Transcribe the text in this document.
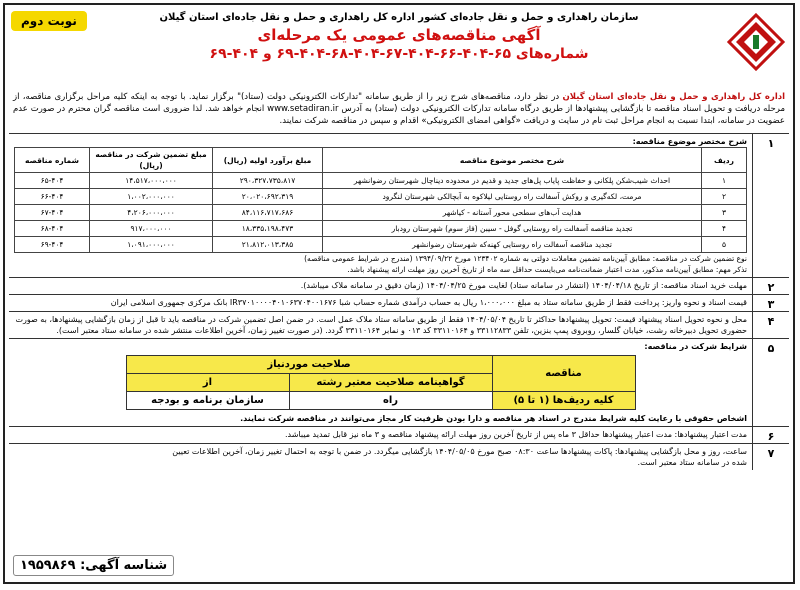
نوبت دوم	سازمان راهداری و حمل و نقل جاده‌ای کشور اداره کل راهداری و حمل و نقل جاده‌ای استان گیلان
آگهی مناقصه‌های عمومی یک مرحله‌ای
شماره‌های ۶۵-۴۰۴-۶۶-۴۰۴-۶۷-۴۰۴-۶۸-۴۰۴-۶۹ و ۴۰۴-۶۹
اداره کل راهداری و حمل و نقل جاده‌ای استان گیلان در نظر دارد، مناقصه‌های شرح زیر را از طریق سامانه "تدارکات الکترونیکی دولت (ستاد)" برگزار نماید. با توجه به اینکه کلیه مراحل برگزاری مناقصه، از مرحله دریافت و تحویل اسناد مناقصه تا بازگشایی پیشنهادها از طریق درگاه سامانه تدارکات الکترونیکی دولت (ستاد) به آدرس www.setadiran.ir انجام خواهد شد. لذا ضروری است مناقصه گران محترم در صورت عدم عضویت در سامانه، ابتدا نسبت به انجام مراحل ثبت نام در سایت و دریافت «گواهی امضای الکترونیکی» اقدام و سپس در مناقصه شرکت نمایند.
۱
شرح مختصر موضوع مناقصه:
ردیف	شرح مختصر موضوع مناقصه	مبلغ برآورد اولیه (ریال)	مبلغ تضمین شرکت در مناقصه (ریال)	شماره مناقصه
۱	احداث شیب‌شکن پلکانی و حفاظت پایاب پل‌های جدید و قدیم در محدوده دیناچال شهرستان رضوانشهر	۲۹۰،۳۲۷،۷۳۵،۸۱۷	۱۴،۵۱۷،۰۰۰،۰۰۰	۶۵-۴۰۴
۲	مرمت، لکه‌گیری و روکش آسفالت راه روستایی لیلاکوه به آبچالکی شهرستان لنگرود	۲۰،۰۲۰،۶۹۲،۳۱۹	۱،۰۰۲،۰۰۰،۰۰۰	۶۶-۴۰۴
۳	هدایت آب‌های سطحی محور آستانه - کیاشهر	۸۴،۱۱۶،۷۱۷،۶۸۶	۴،۲۰۶،۰۰۰،۰۰۰	۶۷-۴۰۴
۴	تجدید مناقصه آسفالت راه روستایی گوفل - سیبن (فاز سوم) شهرستان رودبار	۱۸،۳۳۵،۱۹۸،۴۷۳	۹۱۷،۰۰۰،۰۰۰	۶۸-۴۰۴
۵	تجدید مناقصه آسفالت راه روستایی کهنه‌که شهرستان رضوانشهر	۲۱،۸۱۲،۰۱۳،۳۸۵	۱،۰۹۱،۰۰۰،۰۰۰	۶۹-۴۰۴
نوع تضمین شرکت در مناقصه: مطابق آیین‌نامه تضمین معاملات دولتی به شماره ۱۲۳۴۰۲ مورخ ۱۳۹۴/۰۹/۲۲ (مندرج در شرایط عمومی مناقصه)
تذکر مهم: مطابق آیین‌نامه مذکور، مدت اعتبار ضمانت‌نامه می‌بایست حداقل سه ماه از تاریخ آخرین روز مهلت ارائه پیشنهاد باشد.
۲
مهلت خرید اسناد مناقصه: از تاریخ ۱۴۰۴/۰۴/۱۸ (انتشار در سامانه ستاد) لغایت مورخ ۱۴۰۴/۰۴/۲۵ (زمان دقیق در سامانه ملاک میباشد).
۳
قیمت اسناد و نحوه واریز: پرداخت فقط از طریق سامانه ستاد به مبلغ ۱،۰۰۰،۰۰۰ ریال به حساب درآمدی شماره حساب شبا IR۳۷۰۱۰۰۰۰۴۰۱۰۶۳۷۰۴۰۰۱۶۷۶ بانک مرکزی جمهوری اسلامی ایران
۴
محل و نحوه تحویل اسناد پیشنهاد قیمت: تحویل پیشنهادها حداکثر تا تاریخ ۱۴۰۴/۰۵/۰۴ فقط از طریق سامانه ستاد ملاک عمل است. در ضمن اصل تضمین شرکت در مناقصه باید تا قبل از زمان بازگشایی پیشنهادها، به صورت حضوری تحویل دبیرخانه رشت، خیابان گلسار، روبروی پمپ بنزین، تلفن ۳۳۱۱۲۸۳۳ و ۳۳۱۱۰۱۶۴ کد ۰۱۳ و نمابر ۳۳۱۱۰۱۶۴ گردد. (در صورت تغییر زمان، آخرین اطلاعات منتشر شده در سامانه ستاد معتبر است).
۵
شرایط شرکت در مناقصه:
مناقصه	صلاحیت موردنیاز	
	گواهینامه صلاحیت معتبر رشته	از
کلیه ردیف‌ها (۱ تا ۵)	راه	سازمان برنامه و بودجه
اشخاص حقوقی با رعایت کلیه شرایط مندرج در اسناد هر مناقصه و دارا بودن ظرفیت کار مجاز می‌توانند در مناقصه شرکت نمایند.
۶
مدت اعتبار پیشنهادها: مدت اعتبار پیشنهادها حداقل ۳ ماه پس از تاریخ آخرین روز مهلت ارائه پیشنهاد مناقصه و ۳ ماه نیز قابل تمدید میباشد.
۷
ساعت، روز و محل بازگشایی پیشنهادها: پاکات پیشنهادها ساعت ۰۸:۳۰ صبح مورخ ۱۴۰۴/۰۵/۰۵ بازگشایی میگردد. در ضمن با توجه به احتمال تغییر زمان، آخرین اطلاعات تعیین شده در سامانه ستاد معتبر است.
شناسه آگهی: ۱۹۵۹۸۶۹
